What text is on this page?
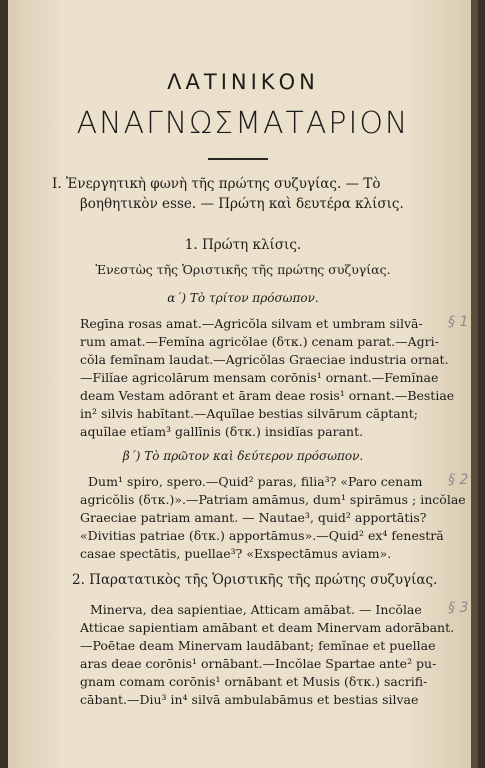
ΛΑΤΙΝΙΚΟΝ
ΑΝΑΓΝΩΣΜΑΤΑΡΙΟΝ
I. Ἐνεργητικὴ φωνὴ τῆς πρώτης συζυγίας. — Τὸ
βοηθητικὸν esse. — Πρώτη καὶ δευτέρα κλίσις.
1. Πρώτη κλίσις.
Ἐνεστὼς τῆς Ὁριστικῆς τῆς πρώτης συζυγίας.
α΄) Τὸ τρίτον πρόσωπον.
Regīna rosas amat.—Agricŏla silvam et umbram silvā-
rum amat.—Femĭna agricŏlae (δτκ.) cenam parat.—Agri-
cŏla femĭnam laudat.—Agricŏlas Graeciae industria ornat.
—Filĭae agricolārum mensam corōnis¹ ornant.—Femĭnae
deam Vestam adōrant et āram deae rosis¹ ornant.—Bestiae
in² silvis habĭtant.—Aquĭlae bestias silvārum căptant;
aquĭlae etĭam³ gallīnis (δτκ.) insidĭas parant.
β΄) Τὸ πρῶτον καὶ δεύτερον πρόσωπον.
Dum¹ spiro, spero.—Quid² paras, filia³? «Paro cenam
agricŏlis (δτκ.)».—Patriam amāmus, dum¹ spirāmus ; incŏlae
Graeciae patriam amant. — Nautae³, quid² apportātis?
«Divitias patriae (δτκ.) apportāmus».—Quid² ex⁴ fenestră
casae spectātis, puellae³? «Exspectāmus aviam».
2. Παρατατικὸς τῆς Ὁριστικῆς τῆς πρώτης συζυγίας.
Minerva, dea sapientiae, Atticam amābat. — Incŏlae
Atticae sapientiam amābant et deam Minervam adorābant.
—Poētae deam Minervam laudābant; femĭnae et puellae
aras deae corōnis¹ ornābant.—Incŏlae Spartae ante² pu-
gnam comam corōnis¹ ornābant et Musis (δτκ.) sacrifi-
cābant.—Diu³ in⁴ silvā ambulabāmus et bestias silvae
§ 1
§ 2
§ 3
